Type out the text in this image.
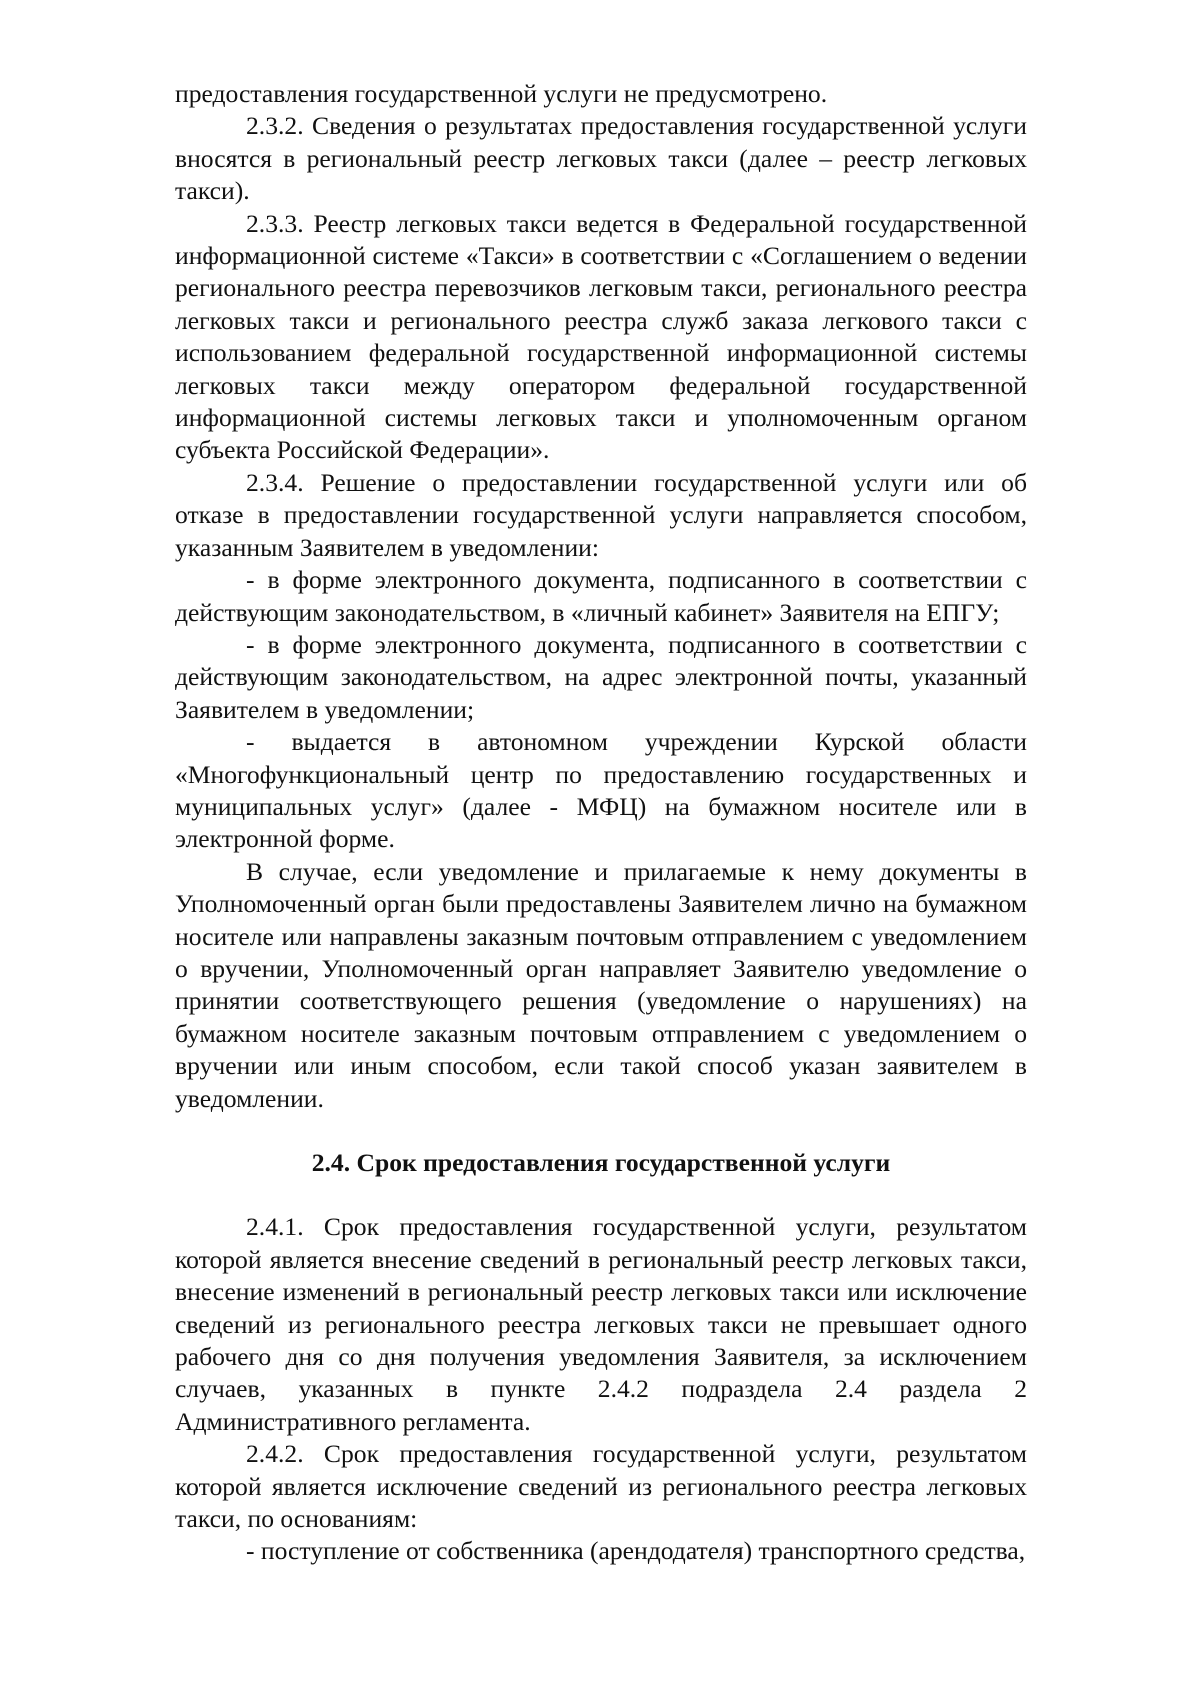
предоставления государственной услуги не предусмотрено.

2.3.2. Сведения о результатах предоставления государственной услуги вносятся в региональный реестр легковых такси (далее – реестр легковых такси).

2.3.3. Реестр легковых такси ведется в Федеральной государственной информационной системе «Такси» в соответствии с «Соглашением о ведении регионального реестра перевозчиков легковым такси, регионального реестра легковых такси и регионального реестра служб заказа легкового такси с использованием федеральной государственной информационной системы легковых такси между оператором федеральной государственной информационной системы легковых такси и уполномоченным органом субъекта Российской Федерации».

2.3.4. Решение о предоставлении государственной услуги или об отказе в предоставлении государственной услуги направляется способом, указанным Заявителем в уведомлении:

- в форме электронного документа, подписанного в соответствии с действующим законодательством, в «личный кабинет» Заявителя на ЕПГУ;

- в форме электронного документа, подписанного в соответствии с действующим законодательством, на адрес электронной почты, указанный Заявителем в уведомлении;

- выдается в автономном учреждении Курской области «Многофункциональный центр по предоставлению государственных и муниципальных услуг» (далее - МФЦ) на бумажном носителе или в электронной форме.

В случае, если уведомление и прилагаемые к нему документы в Уполномоченный орган были предоставлены Заявителем лично на бумажном носителе или направлены заказным почтовым отправлением с уведомлением о вручении, Уполномоченный орган направляет Заявителю уведомление о принятии соответствующего решения (уведомление о нарушениях) на бумажном носителе заказным почтовым отправлением с уведомлением о вручении или иным способом, если такой способ указан заявителем в уведомлении.

2.4. Срок предоставления государственной услуги

2.4.1. Срок предоставления государственной услуги, результатом которой является внесение сведений в региональный реестр легковых такси, внесение изменений в региональный реестр легковых такси или исключение сведений из регионального реестра легковых такси не превышает одного рабочего дня со дня получения уведомления Заявителя, за исключением случаев, указанных в пункте 2.4.2 подраздела 2.4 раздела 2 Административного регламента.

2.4.2. Срок предоставления государственной услуги, результатом которой является исключение сведений из регионального реестра легковых такси, по основаниям:

- поступление от собственника (арендодателя) транспортного средства,
